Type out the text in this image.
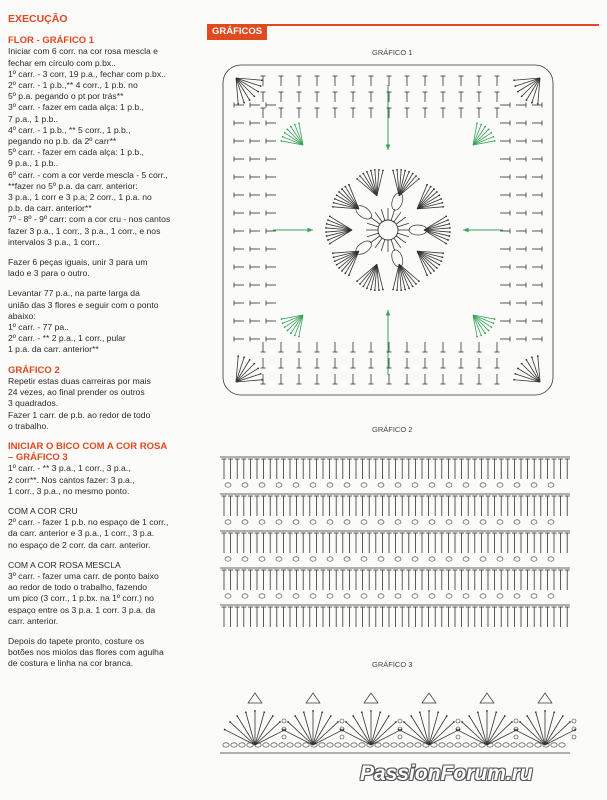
EXECUÇÃO

FLOR - GRÁFICO 1

Iniciar com 6 corr. na cor rosa mescla e

fechar em círculo com p.bx..

1º carr. - 3 corr, 19 p.a., fechar com p.bx..

2º carr. - 1 p.b.,** 4 corr., 1 p.b. no

5º p.a. pegando o pt por trás**

3º carr. - fazer em cada alça: 1 p.b.,

7 p.a., 1 p.b..

4º carr. - 1 p.b., ** 5 corr., 1 p.b.,

pegando no p.b. da 2º carr**

5º carr. - fazer em cada alça: 1 p.b.,

9 p.a., 1 p.b..

6º carr. - com a cor verde mescla - 5 corr.,

**fazer no 5º p.a. da carr. anterior:

3 p.a., 1 corr e 3 p.a; 2 corr., 1 p.a. no

p.b. da carr. anterior**

7º - 8º - 9º carr: com a cor cru - nos cantos

fazer 3 p.a., 1 corr., 3 p.a., 1 corr., e nos

intervalos 3 p.a., 1 corr..

Fazer 6 peças iguais, unir 3 para um

lado e 3 para o outro.

Levantar 77 p.a., na parte larga da

união das 3 flores e seguir com o ponto

abaixo:

1º carr. - 77 pa..

2º carr. - ** 2 p.a., 1 corr., pular

1 p.a. da carr. anterior**

GRÁFICO 2

Repetir estas duas carreiras por mais

24 vezes, ao final prender os outros

3 quadrados.

Fazer 1 carr. de p.b. ao redor de todo

o trabalho.

INICIAR O BICO COM A COR ROSA

– GRÁFICO 3

1º carr. - ** 3 p.a., 1 corr., 3 p.a.,

2 corr**. Nos cantos fazer: 3 p.a.,

1 corr., 3 p.a., no mesmo ponto.

COM A COR CRU

2º carr. - fazer 1 p.b. no espaço de 1 corr.,

da carr. anterior e 3 p.a., 1 corr., 3 p.a.

no espaço de 2 corr. da carr. anterior.

COM A COR ROSA MESCLA

3º carr. - fazer uma carr. de ponto baixo

ao redor de todo o trabalho, fazendo

um pico (3 corr., 1 p.bx. na 1º corr.) no

espaço entre os 3 p.a. 1 corr. 3 p.a. da

carr. anterior.

Depois do tapete pronto, costure os

botões nos miolos das flores com agulha

de costura e linha na cor branca.

GRÁFICOS
GRÁFICO 1
GRÁFICO 2
GRÁFICO 3
PassionForum.ru
